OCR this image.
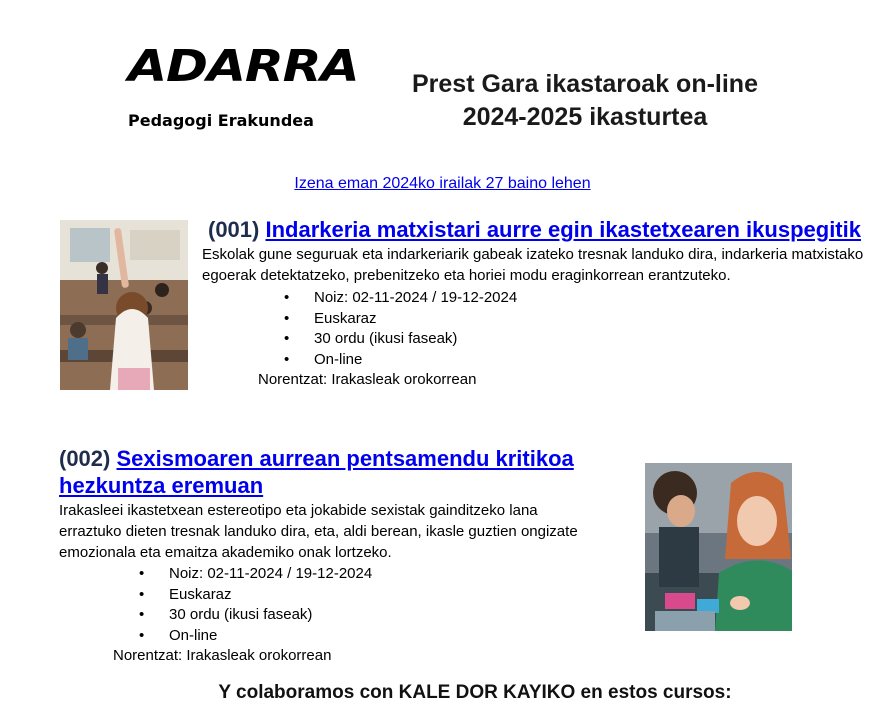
ADARRA
Pedagogi Erakundea
Prest Gara ikastaroak on-line
2024-2025 ikasturtea
Izena eman 2024ko irailak 27 baino lehen
(001) Indarkeria matxistari aurre egin ikastetxearen ikuspegitik
Eskolak gune seguruak eta indarkeriarik gabeak izateko tresnak landuko dira, indarkeria matxistako egoerak detektatzeko, prebenitzeko eta horiei modu eraginkorrean erantzuteko.
• Noiz: 02-11-2024 / 19-12-2024
• Euskaraz
• 30 ordu (ikusi faseak)
• On-line
Norentzat: Irakasleak orokorrean
(002) Sexismoaren aurrean pentsamendu kritikoa hezkuntza eremuan
Irakasleei ikastetxean estereotipo eta jokabide sexistak gainditzeko lana erraztuko dieten tresnak landuko dira, eta, aldi berean, ikasle guztien ongizate emozionala eta emaitza akademiko onak lortzeko.
• Noiz: 02-11-2024 / 19-12-2024
• Euskaraz
• 30 ordu (ikusi faseak)
• On-line
Norentzat: Irakasleak orokorrean
Y colaboramos con KALE DOR KAYIKO en estos cursos:
